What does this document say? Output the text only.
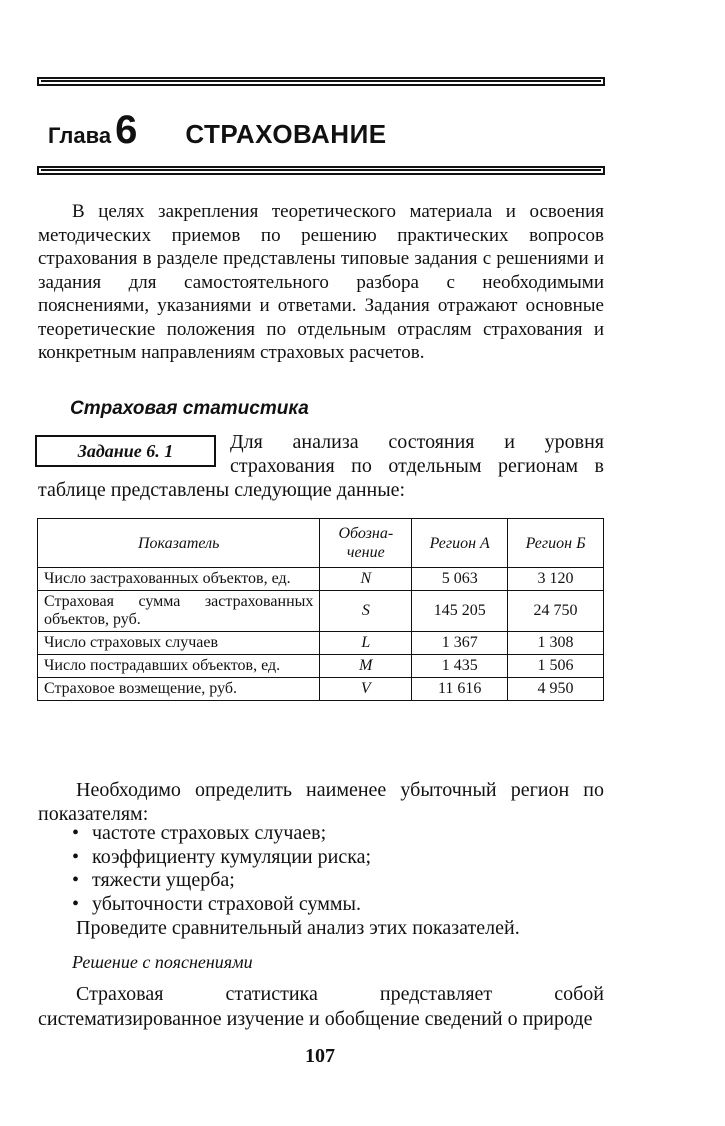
Глава 6 СТРАХОВАНИЕ

В целях закрепления теоретического материала и освоения методических приемов по решению практических вопросов страхования в разделе представлены типовые задания с решениями и задания для самостоятельного разбора с необходимыми пояснениями, указаниями и ответами. Задания отражают основные теоретические положения по отдельным отраслям страхования и конкретным направлениям страховых расчетов.

Страховая статистика
Задание 6. 1	Для анализа состояния и уровня страхования по отдельным регионам в таблице представлены следующие данные:

Показатель	Обозна-чение	Регион А	Регион Б
Число застрахованных объектов, ед.	N	5 063	3 120
Страховая сумма застрахованных объектов, руб.	S	145 205	24 750
Число страховых случаев	L	1 367	1 308
Число пострадавших объектов, ед.	M	1 435	1 506
Страховое возмещение, руб.	V	11 616	4 950

Необходимо определить наименее убыточный регион по показателям:

• частоте страховых случаев;
• коэффициенту кумуляции риска;
• тяжести ущерба;
• убыточности страховой суммы.

Проведите сравнительный анализ этих показателей.

Решение с пояснениями

Страховая статистика представляет собой систематизированное изучение и обобщение сведений о природе

107
